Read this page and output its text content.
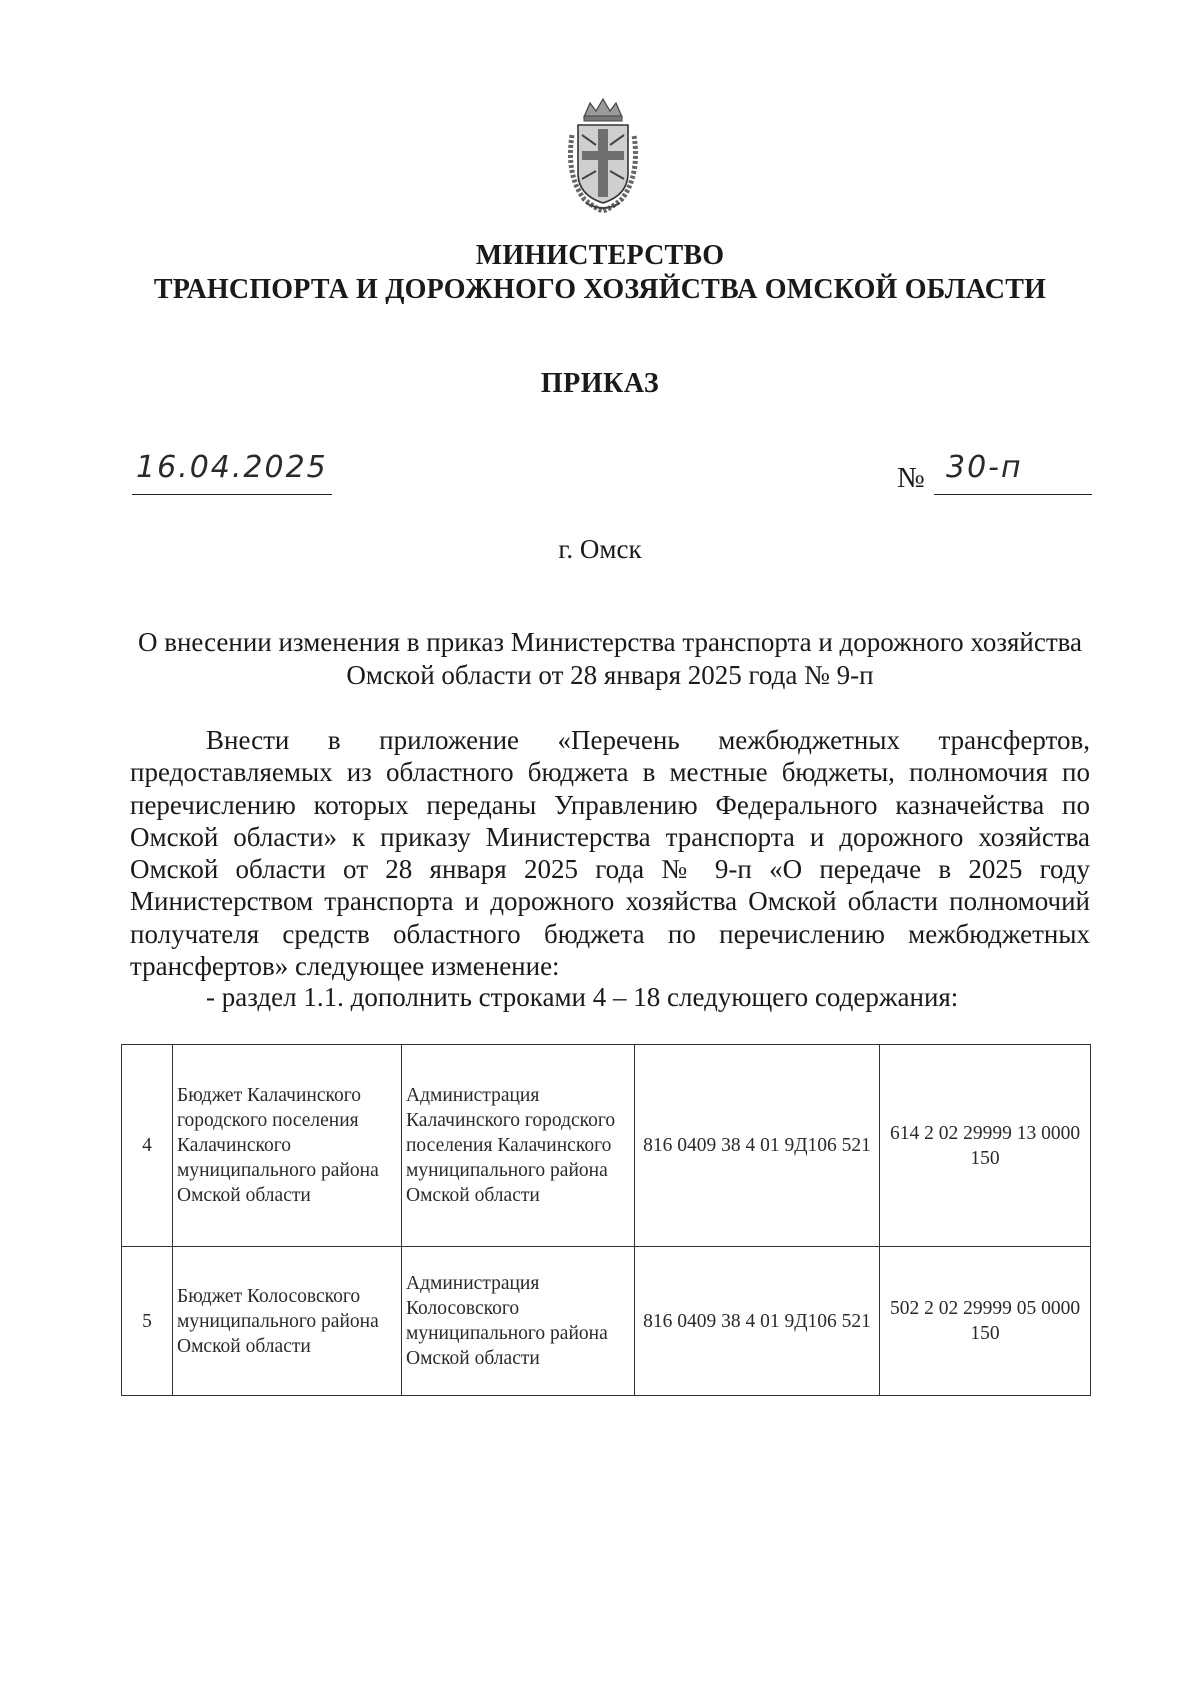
МИНИСТЕРСТВО
ТРАНСПОРТА И ДОРОЖНОГО ХОЗЯЙСТВА ОМСКОЙ ОБЛАСТИ
ПРИКАЗ
16.04.2025	№ 30-п
г. Омск
О внесении изменения в приказ Министерства транспорта и дорожного хозяйства Омской области от 28 января 2025 года № 9-п

Внести в приложение «Перечень межбюджетных трансфертов, предоставляемых из областного бюджета в местные бюджеты, полномочия по перечислению которых переданы Управлению Федерального казначейства по Омской области» к приказу Министерства транспорта и дорожного хозяйства Омской области от 28 января 2025 года № 9-п «О передаче в 2025 году Министерством транспорта и дорожного хозяйства Омской области полномочий получателя средств областного бюджета по перечислению межбюджетных трансфертов» следующее изменение:

- раздел 1.1. дополнить строками 4 – 18 следующего содержания:
4	Бюджет Калачинского городского поселения Калачинского муниципального района Омской области	Администрация Калачинского городского поселения Калачинского муниципального района Омской области	816 0409 38 4 01 9Д106 521	614 2 02 29999 13 0000 150
5	Бюджет Колосовского муниципального района Омской области	Администрация Колосовского муниципального района Омской области	816 0409 38 4 01 9Д106 521	502 2 02 29999 05 0000 150
